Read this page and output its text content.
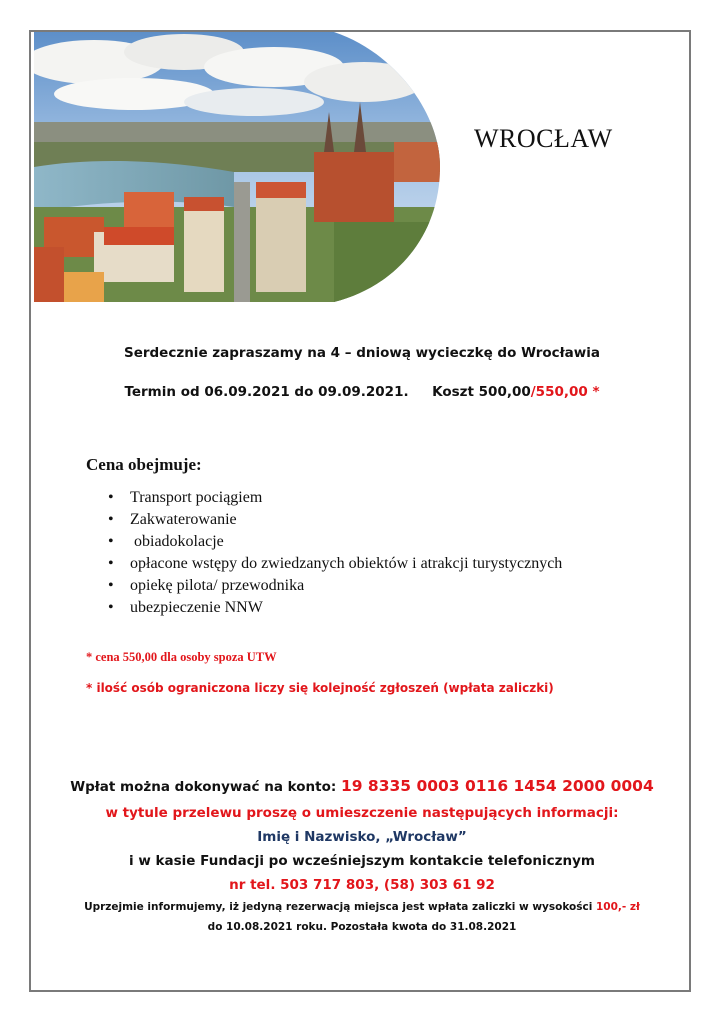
WROCŁAW
Serdecznie zapraszamy na 4 – dniową wycieczkę do Wrocławia
Termin od 06.09.2021 do 09.09.2021. Koszt 500,00/550,00 *
Cena obejmuje:
• Transport pociągiem
• Zakwaterowanie
• obiadokolacje
• opłacone wstępy do zwiedzanych obiektów i atrakcji turystycznych
• opiekę pilota/ przewodnika
• ubezpieczenie NNW
* cena 550,00 dla osoby spoza UTW
* ilość osób ograniczona liczy się kolejność zgłoszeń (wpłata zaliczki)
Wpłat można dokonywać na konto: 19 8335 0003 0116 1454 2000 0004
w tytule przelewu proszę o umieszczenie następujących informacji:
Imię i Nazwisko, „Wrocław”
i w kasie Fundacji po wcześniejszym kontakcie telefonicznym
nr tel. 503 717 803, (58) 303 61 92
Uprzejmie informujemy, iż jedyną rezerwacją miejsca jest wpłata zaliczki w wysokości 100,- zł
do 10.08.2021 roku. Pozostała kwota do 31.08.2021
